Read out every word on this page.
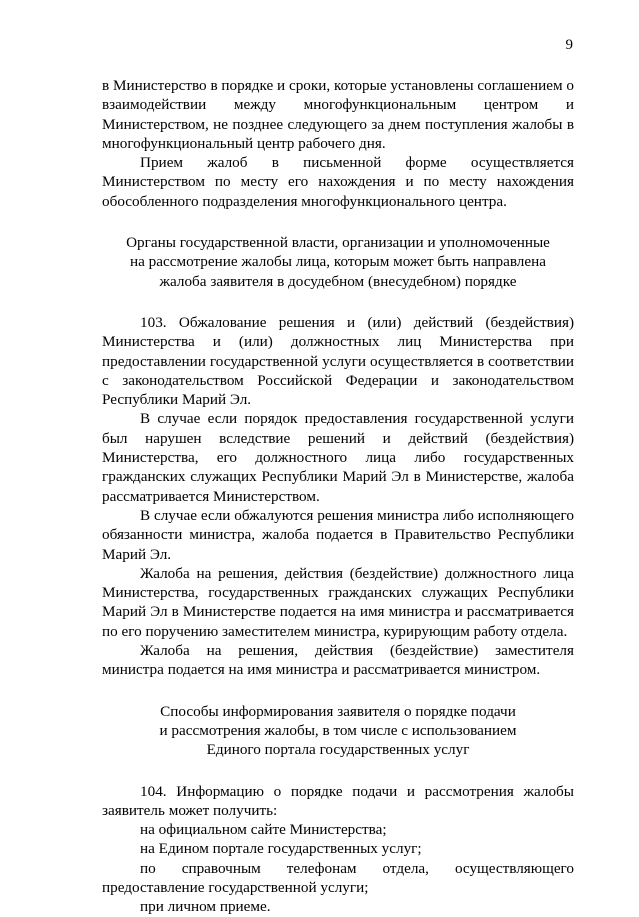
9

в Министерство в порядке и сроки, которые установлены соглашением о взаимодействии между многофункциональным центром и Министерством, не позднее следующего за днем поступления жалобы в многофункциональный центр рабочего дня.

Прием жалоб в письменной форме осуществляется Министерством по месту его нахождения и по месту нахождения обособленного подразделения многофункционального центра.

Органы государственной власти, организации и уполномоченные

на рассмотрение жалобы лица, которым может быть направлена

жалоба заявителя в досудебном (внесудебном) порядке

103. Обжалование решения и (или) действий (бездействия) Министерства и (или) должностных лиц Министерства при предоставлении государственной услуги осуществляется в соответствии с законодательством Российской Федерации и законодательством Республики Марий Эл.

В случае если порядок предоставления государственной услуги был нарушен вследствие решений и действий (бездействия) Министерства, его должностного лица либо государственных гражданских служащих Республики Марий Эл в Министерстве, жалоба рассматривается Министерством.

В случае если обжалуются решения министра либо исполняющего обязанности министра, жалоба подается в Правительство Республики Марий Эл.

Жалоба на решения, действия (бездействие) должностного лица Министерства, государственных гражданских служащих Республики Марий Эл в Министерстве подается на имя министра и рассматривается по его поручению заместителем министра, курирующим работу отдела.

Жалоба на решения, действия (бездействие) заместителя министра подается на имя министра и рассматривается министром.

Способы информирования заявителя о порядке подачи

и рассмотрения жалобы, в том числе с использованием

Единого портала государственных услуг

104. Информацию о порядке подачи и рассмотрения жалобы заявитель может получить:

на официальном сайте Министерства;

на Едином портале государственных услуг;

по справочным телефонам отдела, осуществляющего предоставление государственной услуги;

при личном приеме.
